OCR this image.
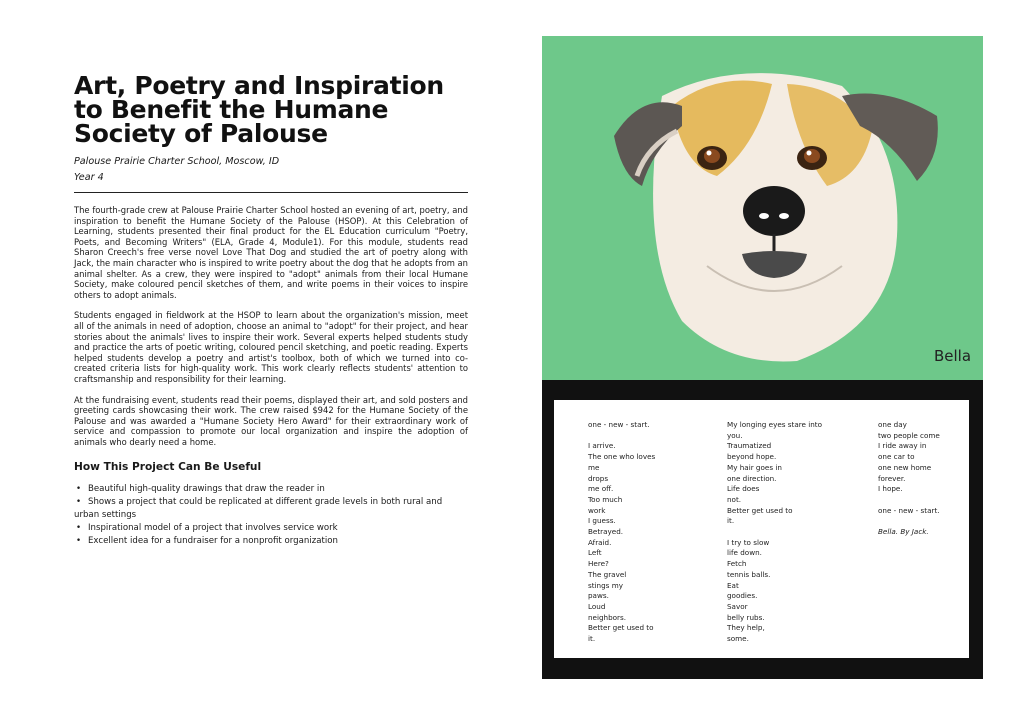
Art, Poetry and Inspiration to Benefit the Humane Society of Palouse
Palouse Prairie Charter School, Moscow, ID
Year 4

The fourth-grade crew at Palouse Prairie Charter School hosted an evening of art, poetry, and inspiration to benefit the Humane Society of the Palouse (HSOP). At this Celebration of Learning, students presented their final product for the EL Education curriculum "Poetry, Poets, and Becoming Writers" (ELA, Grade 4, Module1). For this module, students read Sharon Creech's free verse novel Love That Dog and studied the art of poetry along with Jack, the main character who is inspired to write poetry about the dog that he adopts from an animal shelter. As a crew, they were inspired to "adopt" animals from their local Humane Society, make coloured pencil sketches of them, and write poems in their voices to inspire others to adopt animals.

Students engaged in fieldwork at the HSOP to learn about the organization's mission, meet all of the animals in need of adoption, choose an animal to "adopt" for their project, and hear stories about the animals' lives to inspire their work. Several experts helped students study and practice the arts of poetic writing, coloured pencil sketching, and poetic reading. Experts helped students develop a poetry and artist's toolbox, both of which we turned into co-created criteria lists for high-quality work. This work clearly reflects students' attention to craftsmanship and responsibility for their learning.

At the fundraising event, students read their poems, displayed their art, and sold posters and greeting cards showcasing their work. The crew raised $942 for the Humane Society of the Palouse and was awarded a "Humane Society Hero Award" for their extraordinary work of service and compassion to promote our local organization and inspire the adoption of animals who dearly need a home.

How This Project Can Be Useful
• Beautiful high-quality drawings that draw the reader in
• Shows a project that could be replicated at different grade levels in both rural and urban settings
• Inspirational model of a project that involves service work
• Excellent idea for a fundraiser for a nonprofit organization
Bella
one - new - start.
I arrive.
The one who loves
me
drops
me off.
Too much
work
I guess.
Betrayed.
Afraid.
Left
Here?
The gravel
stings my
paws.
Loud
neighbors.
Better get used to
it.
My longing eyes stare into
you.
Traumatized
beyond hope.
My hair goes in
one direction.
Life does
not.
Better get used to
it.
I try to slow
life down.
Fetch
tennis balls.
Eat
goodies.
Savor
belly rubs.
They help,
some.
one day
two people come
I ride away in
one car to
one new home
forever.
I hope.
one - new - start.
Bella. By Jack.
